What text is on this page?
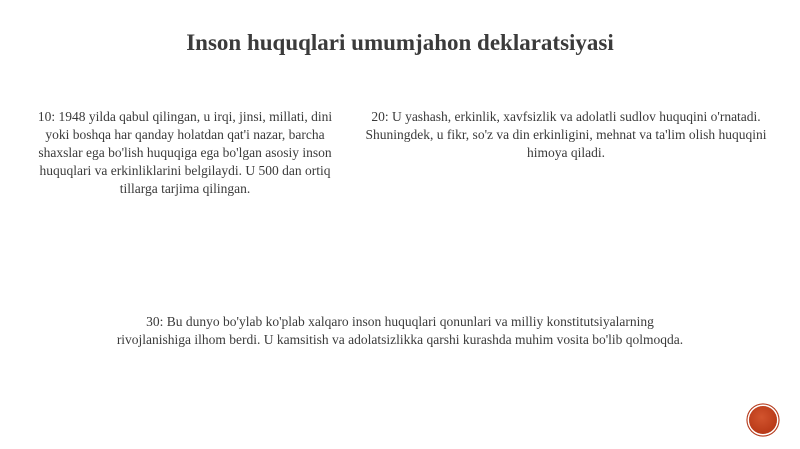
Inson huquqlari umumjahon deklaratsiyasi

10: 1948 yilda qabul qilingan, u irqi, jinsi, millati, dini yoki boshqa har qanday holatdan qat'i nazar, barcha shaxslar ega bo'lish huquqiga ega bo'lgan asosiy inson huquqlari va erkinliklarini belgilaydi. U 500 dan ortiq tillarga tarjima qilingan.

20: U yashash, erkinlik, xavfsizlik va adolatli sudlov huquqini o'rnatadi. Shuningdek, u fikr, so'z va din erkinligini, mehnat va ta'lim olish huquqini himoya qiladi.

30: Bu dunyo bo'ylab ko'plab xalqaro inson huquqlari qonunlari va milliy konstitutsiyalarning rivojlanishiga ilhom berdi. U kamsitish va adolatsizlikka qarshi kurashda muhim vosita bo'lib qolmoqda.
